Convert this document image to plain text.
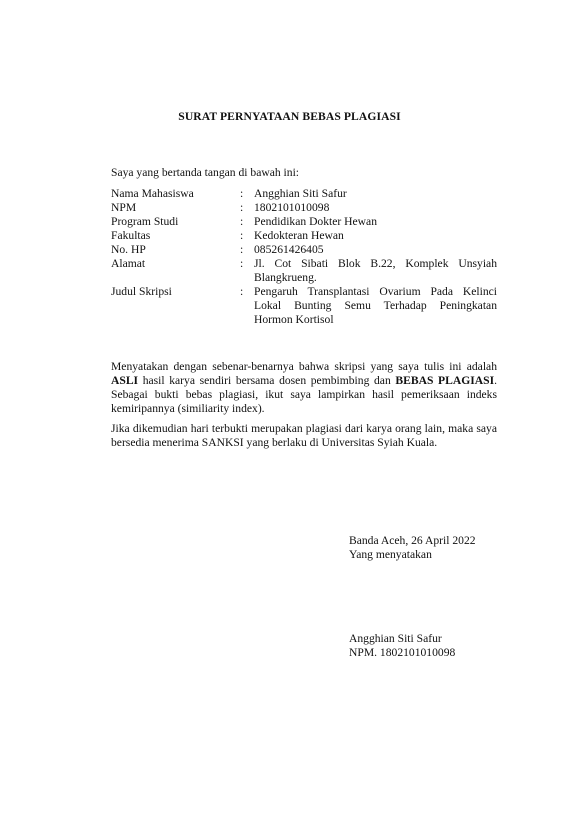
SURAT PERNYATAAN BEBAS PLAGIASI
Saya yang bertanda tangan di bawah ini:
Nama Mahasiswa	: Angghian Siti Safur
NPM	: 1802101010098
Program Studi	: Pendidikan Dokter Hewan
Fakultas	: Kedokteran Hewan
No. HP	: 085261426405
Alamat	: Jl. Cot Sibati Blok B.22, Komplek Unsyiah Blangkrueng.
Judul Skripsi	: Pengaruh Transplantasi Ovarium Pada Kelinci Lokal Bunting Semu Terhadap Peningkatan Hormon Kortisol
Menyatakan dengan sebenar-benarnya bahwa skripsi yang saya tulis ini adalah ASLI hasil karya sendiri bersama dosen pembimbing dan BEBAS PLAGIASI. Sebagai bukti bebas plagiasi, ikut saya lampirkan hasil pemeriksaan indeks kemiripannya (similiarity index).
Jika dikemudian hari terbukti merupakan plagiasi dari karya orang lain, maka saya bersedia menerima SANKSI yang berlaku di Universitas Syiah Kuala.
Banda Aceh, 26 April 2022
Yang menyatakan
Angghian Siti Safur
NPM. 1802101010098
